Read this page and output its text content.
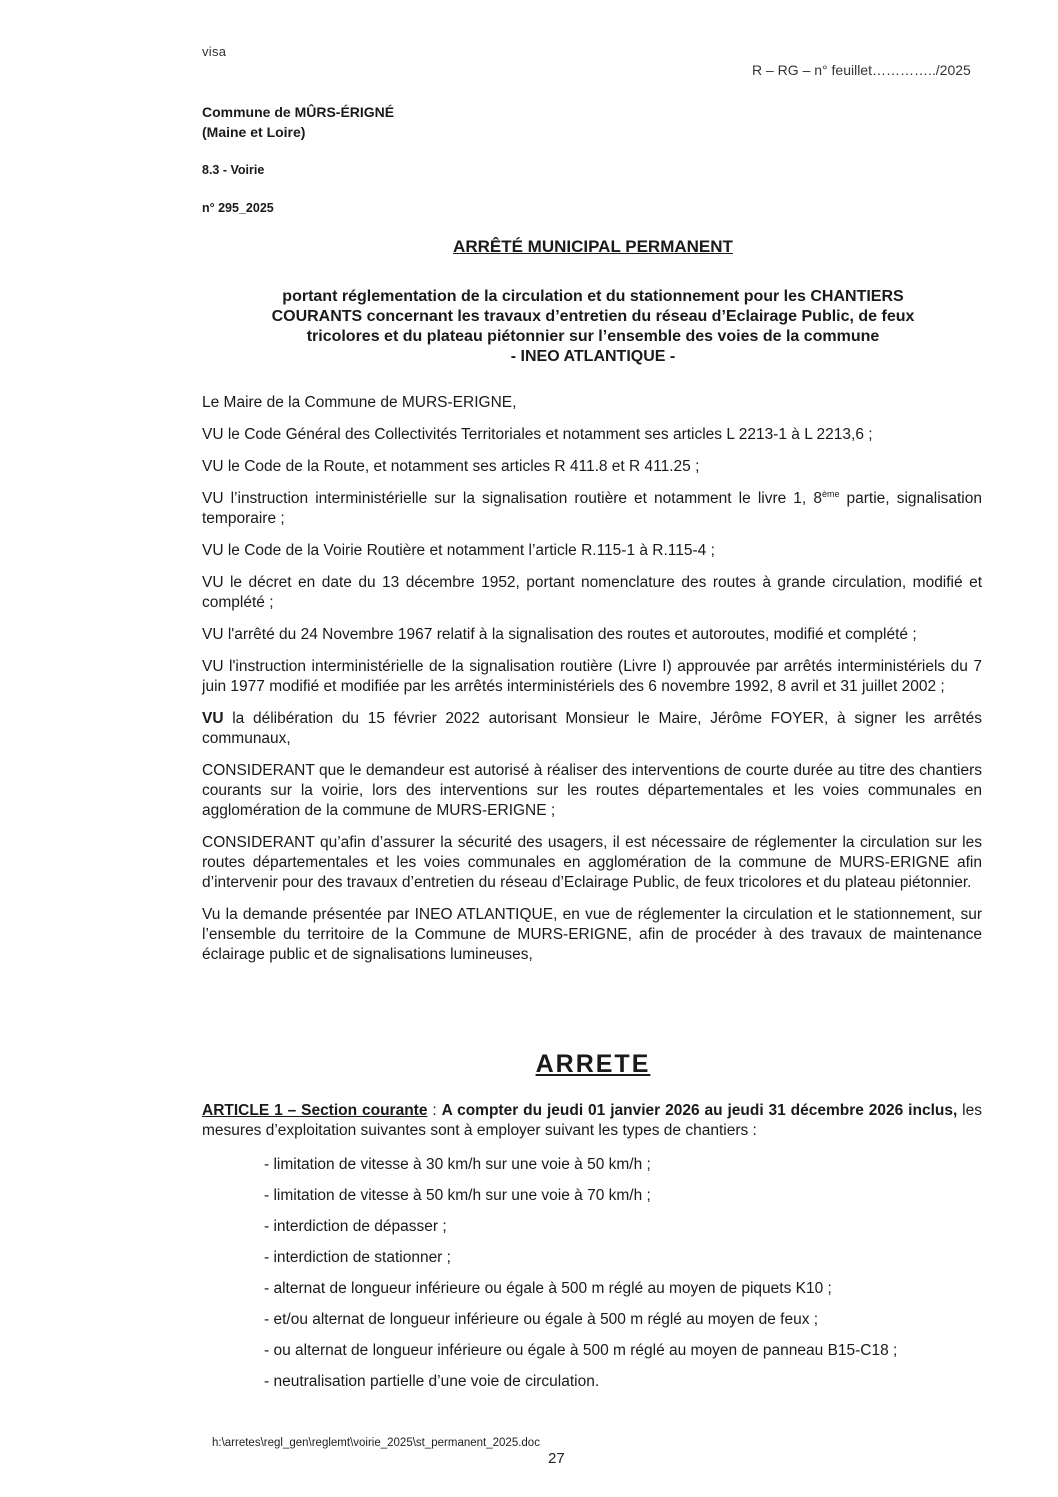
visa
R – RG – n° feuillet…………../2025
Commune de MÛRS-ÉRIGNÉ
(Maine et Loire)
8.3 - Voirie
n° 295_2025
ARRÊTÉ MUNICIPAL PERMANENT
portant réglementation de la circulation et du stationnement pour les CHANTIERS
COURANTS concernant les travaux d’entretien du réseau d’Eclairage Public, de feux
tricolores et du plateau piétonnier sur l’ensemble des voies de la commune
- INEO ATLANTIQUE -

Le Maire de la Commune de MURS-ERIGNE,

VU le Code Général des Collectivités Territoriales et notamment ses articles L 2213-1 à L 2213,6 ;

VU le Code de la Route, et notamment ses articles R 411.8 et R 411.25 ;

VU l’instruction interministérielle sur la signalisation routière et notamment le livre 1, 8ème partie, signalisation temporaire ;

VU le Code de la Voirie Routière et notamment l’article R.115-1 à R.115-4 ;

VU le décret en date du 13 décembre 1952, portant nomenclature des routes à grande circulation, modifié et complété ;

VU l'arrêté du 24 Novembre 1967 relatif à la signalisation des routes et autoroutes, modifié et complété ;

VU l'instruction interministérielle de la signalisation routière (Livre I) approuvée par arrêtés interministériels du 7 juin 1977 modifié et modifiée par les arrêtés interministériels des 6 novembre 1992, 8 avril et 31 juillet 2002 ;

VU la délibération du 15 février 2022 autorisant Monsieur le Maire, Jérôme FOYER, à signer les arrêtés communaux,

CONSIDERANT que le demandeur est autorisé à réaliser des interventions de courte durée au titre des chantiers courants sur la voirie, lors des interventions sur les routes départementales et les voies communales en agglomération de la commune de MURS-ERIGNE ;

CONSIDERANT qu’afin d’assurer la sécurité des usagers, il est nécessaire de réglementer la circulation sur les routes départementales et les voies communales en agglomération de la commune de MURS-ERIGNE afin d’intervenir pour des travaux d’entretien du réseau d’Eclairage Public, de feux tricolores et du plateau piétonnier.

Vu la demande présentée par INEO ATLANTIQUE, en vue de réglementer la circulation et le stationnement, sur l’ensemble du territoire de la Commune de MURS-ERIGNE, afin de procéder à des travaux de maintenance éclairage public et de signalisations lumineuses,

ARRETE
ARTICLE 1 – Section courante : A compter du jeudi 01 janvier 2026 au jeudi 31 décembre 2026 inclus, les mesures d’exploitation suivantes sont à employer suivant les types de chantiers :
- limitation de vitesse à 30 km/h sur une voie à 50 km/h ;
- limitation de vitesse à 50 km/h sur une voie à 70 km/h ;
- interdiction de dépasser ;
- interdiction de stationner ;
- alternat de longueur inférieure ou égale à 500 m réglé au moyen de piquets K10 ;
- et/ou alternat de longueur inférieure ou égale à 500 m réglé au moyen de feux ;
- ou alternat de longueur inférieure ou égale à 500 m réglé au moyen de panneau B15-C18 ;
- neutralisation partielle d’une voie de circulation.
h:\arretes\regl_gen\reglemt\voirie_2025\st_permanent_2025.doc
27
